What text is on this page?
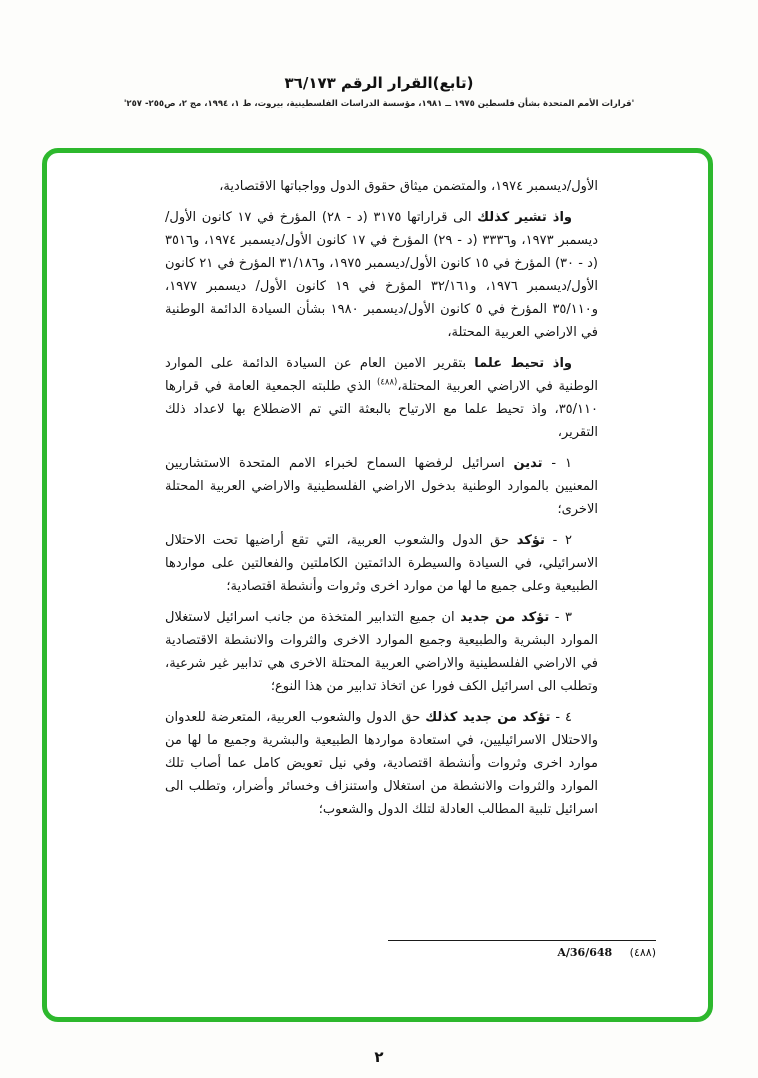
(تابع)القرار الرقم ٣٦/١٧٣
'قرارات الأمم المتحدة بشأن فلسطين ١٩٧٥ ــ ١٩٨١، مؤسسة الدراسات الفلسطينية، بيروت، ط ١، ١٩٩٤، مج ٢، ص٢٥٥- ٢٥٧'

الأول/ديسمبر ١٩٧٤، والمتضمن ميثاق حقوق الدول وواجباتها الاقتصادية،

واذ تشير كذلك الى قراراتها ٣١٧٥ (د - ٢٨) المؤرخ في ١٧ كانون الأول/ديسمبر ١٩٧٣، و٣٣٣٦ (د - ٢٩) المؤرخ في ١٧ كانون الأول/ديسمبر ١٩٧٤، و٣٥١٦ (د - ٣٠) المؤرخ في ١٥ كانون الأول/ديسمبر ١٩٧٥، و٣١/١٨٦ المؤرخ في ٢١ كانون الأول/ديسمبر ١٩٧٦، و٣٢/١٦١ المؤرخ في ١٩ كانون الأول/ ديسمبر ١٩٧٧، و٣٥/١١٠ المؤرخ في ٥ كانون الأول/ديسمبر ١٩٨٠ بشأن السيادة الدائمة الوطنية في الاراضي العربية المحتلة،

واذ تحيط علما بتقرير الامين العام عن السيادة الدائمة على الموارد الوطنية في الاراضي العربية المحتلة،$^{(٤٨٨)}$ الذي طلبته الجمعية العامة في قرارها ٣٥/١١٠، واذ تحيط علما مع الارتياح بالبعثة التي تم الاضطلاع بها لاعداد ذلك التقرير،

١ - تدين اسرائيل لرفضها السماح لخبراء الامم المتحدة الاستشاريين المعنيين بالموارد الوطنية بدخول الاراضي الفلسطينية والاراضي العربية المحتلة الاخرى؛

٢ - تؤكد حق الدول والشعوب العربية، التي تقع أراضيها تحت الاحتلال الاسرائيلي، في السيادة والسيطرة الدائمتين الكاملتين والفعالتين على مواردها الطبيعية وعلى جميع ما لها من موارد اخرى وثروات وأنشطة اقتصادية؛

٣ - تؤكد من جديد ان جميع التدابير المتخذة من جانب اسرائيل لاستغلال الموارد البشرية والطبيعية وجميع الموارد الاخرى والثروات والانشطة الاقتصادية في الاراضي الفلسطينية والاراضي العربية المحتلة الاخرى هي تدابير غير شرعية، وتطلب الى اسرائيل الكف فورا عن اتخاذ تدابير من هذا النوع؛

٤ - تؤكد من جديد كذلك حق الدول والشعوب العربية، المتعرضة للعدوان والاحتلال الاسرائيليين، في استعادة مواردها الطبيعية والبشرية وجميع ما لها من موارد اخرى وثروات وأنشطة اقتصادية، وفي نيل تعويض كامل عما أصاب تلك الموارد والثروات والانشطة من استغلال واستنزاف وخسائر وأضرار، وتطلب الى اسرائيل تلبية المطالب العادلة لتلك الدول والشعوب؛

(٤٨٨) A/36/648
٢
